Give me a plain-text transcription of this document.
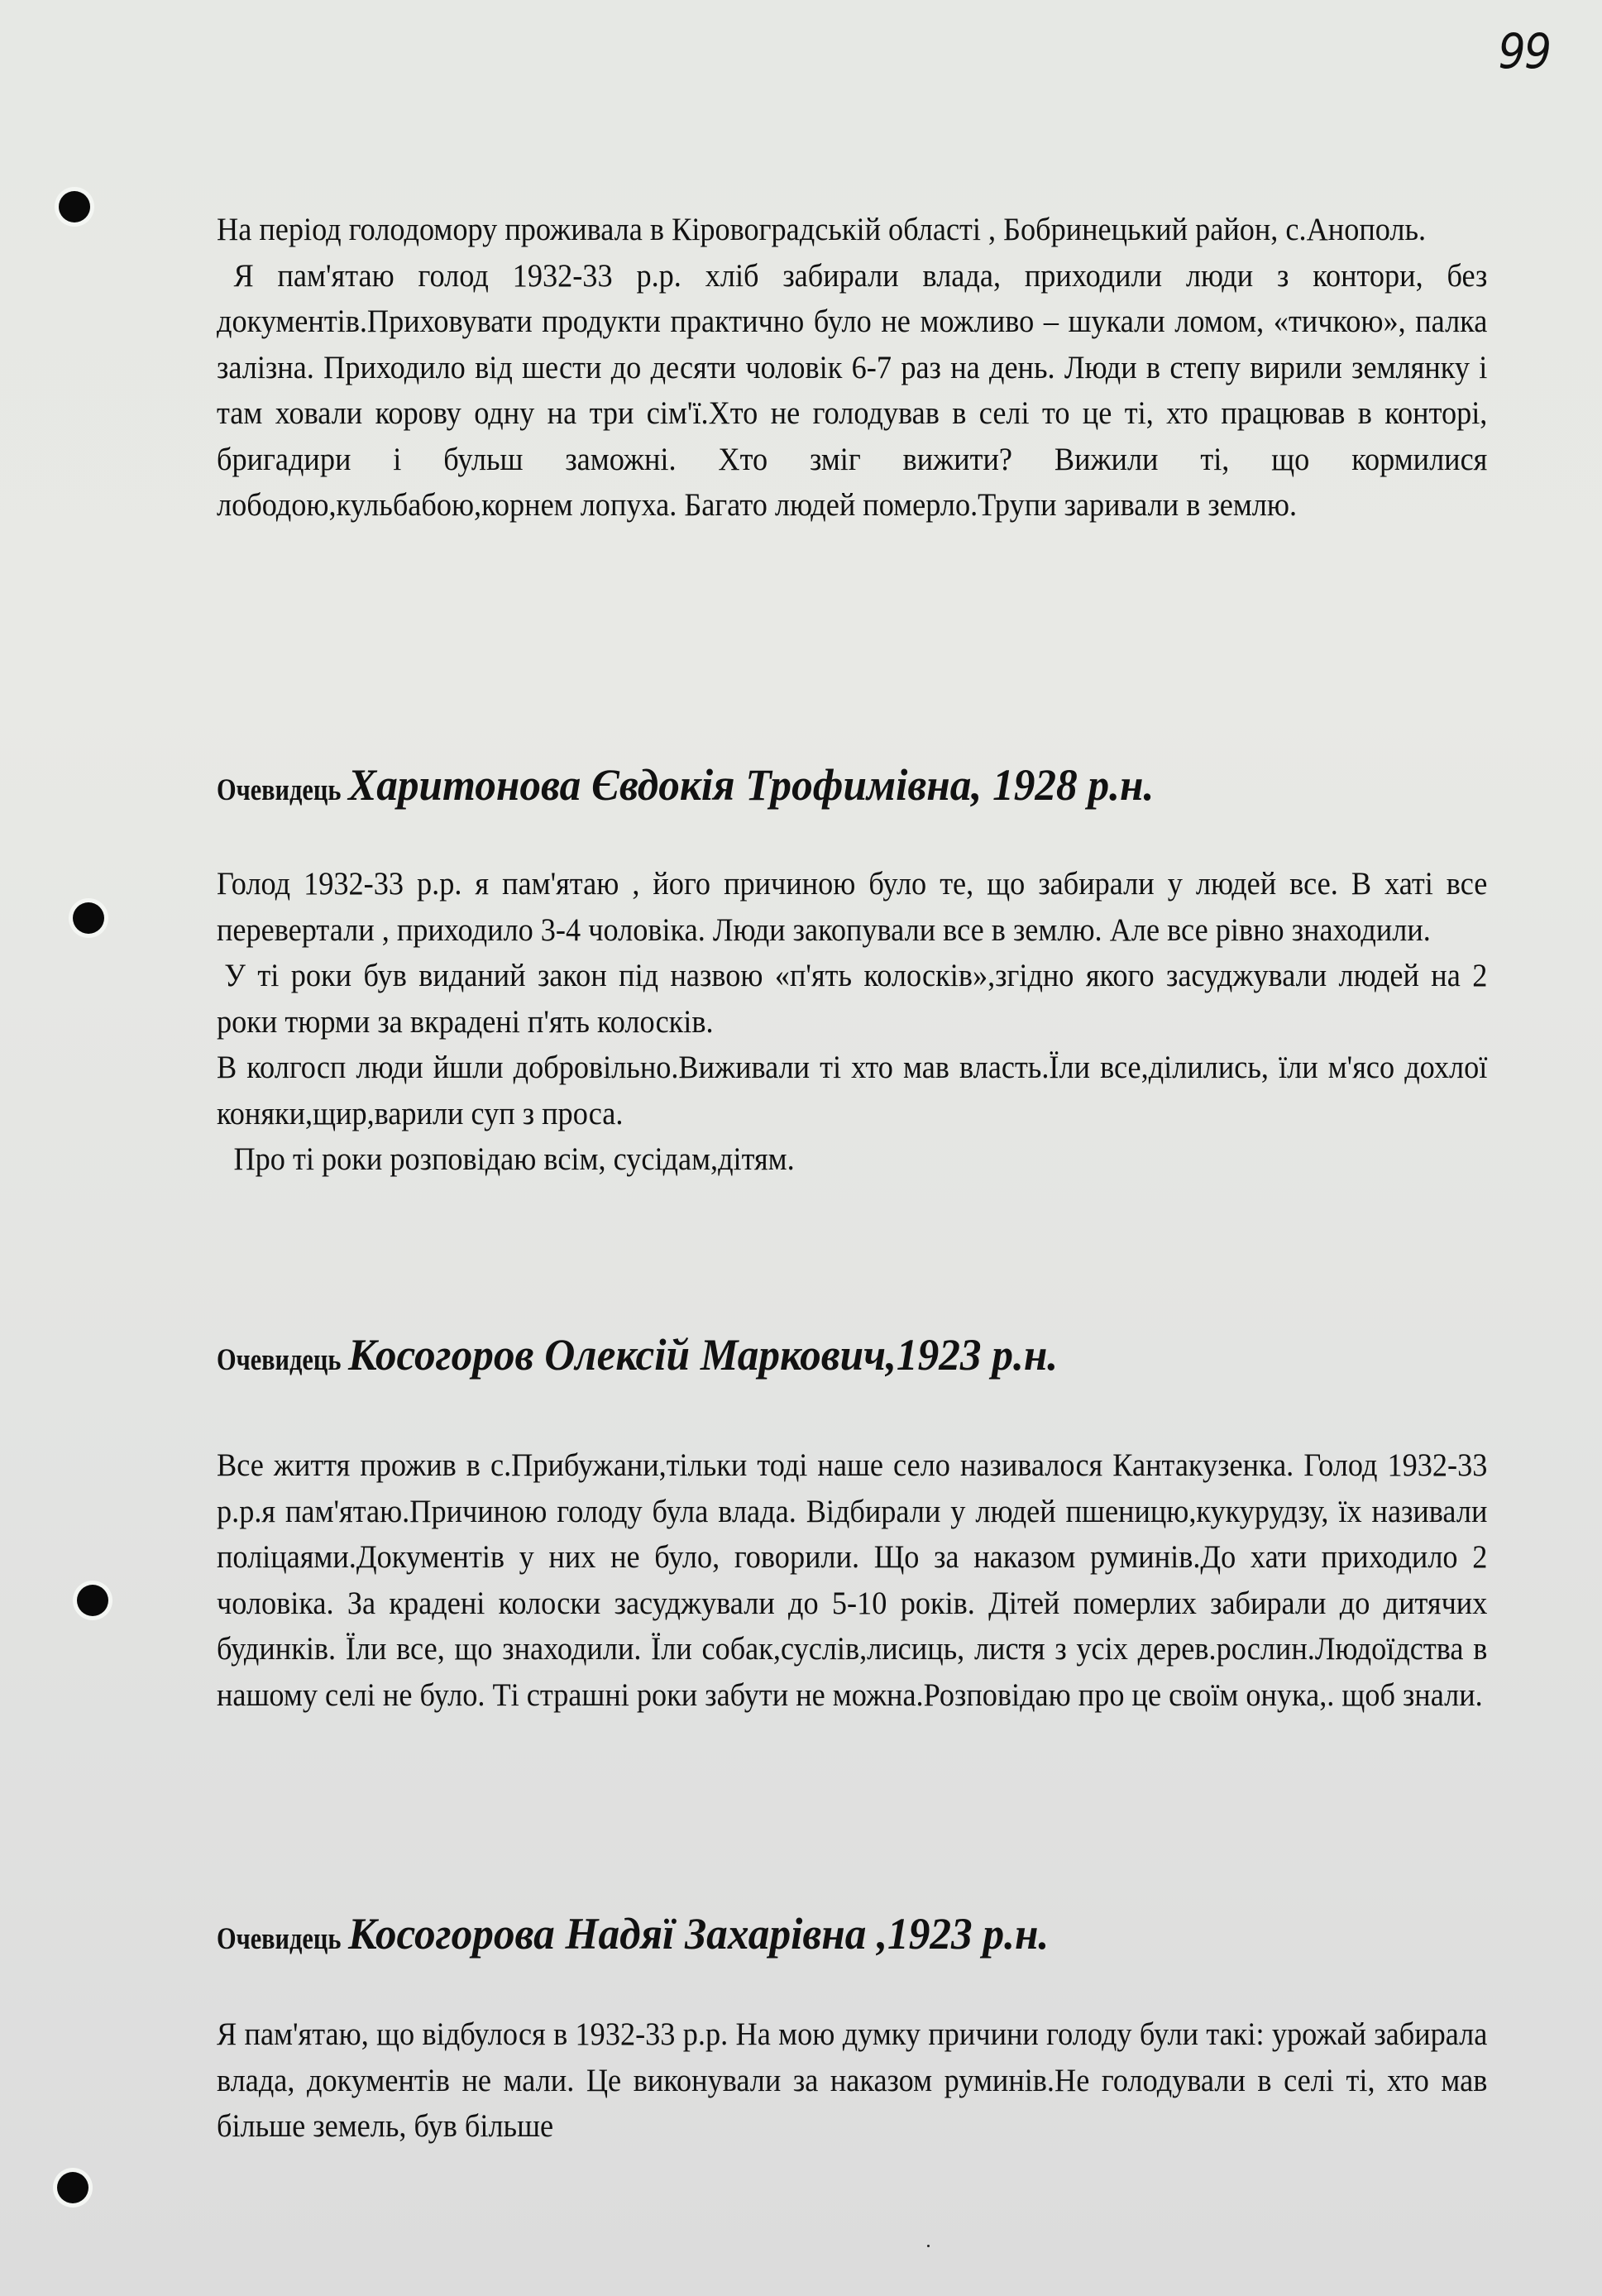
99

На період голодомору проживала в Кіровоградській області , Бобринецький район, с.Анополь.

Я пам'ятаю голод 1932-33 р.р. хліб забирали влада, приходили люди з контори, без документів.Приховувати продукти практично було не можливо – шукали ломом, «тичкою», палка залізна. Приходило від шести до десяти чоловік 6-7 раз на день. Люди в степу вирили землянку і там ховали корову одну на три сім'ї.Хто не голодував в селі то це ті, хто працював в конторі, бригадири і бульш заможні. Хто зміг вижити? Вижили ті, що кормилися лободою,кульбабою,корнем лопуха. Багато людей померло.Трупи заривали в землю.

Очевидець Харитонова Євдокія Трофимівна, 1928 р.н.

Голод 1932-33 р.р. я пам'ятаю , його причиною було те, що забирали у людей все. В хаті все перевертали , приходило 3-4 чоловіка. Люди закопували все в землю. Але все рівно знаходили.

У ті роки був виданий закон під назвою «п'ять колосків»,згідно якого засуджували людей на 2 роки тюрми за вкрадені п'ять колосків.

В колгосп люди йшли добровільно.Виживали ті хто мав власть.Їли все,ділились, їли м'ясо дохлої коняки,щир,варили суп з проса.

Про ті роки розповідаю всім, сусідам,дітям.

Очевидець Косогоров Олексій Маркович,1923 р.н.

Все життя прожив в с.Прибужани,тільки тоді наше село називалося Кантакузенка. Голод 1932-33 р.р.я пам'ятаю.Причиною голоду була влада. Відбирали у людей пшеницю,кукурудзу, їх називали поліцаями.Документів у них не було, говорили. Що за наказом руминів.До хати приходило 2 чоловіка. За крадені колоски засуджували до 5-10 років. Дітей померлих забирали до дитячих будинків. Їли все, що знаходили. Їли собак,суслів,лисиць, листя з усіх дерев.рослин.Людоїдства в нашому селі не було. Ті страшні роки забути не можна.Розповідаю про це своїм онука,. щоб знали.

Очевидець Косогорова Надяї Захарівна ,1923 р.н.

Я пам'ятаю, що відбулося в 1932-33 р.р. На мою думку причини голоду були такі: урожай забирала влада, документів не мали. Це виконували за наказом руминів.Не голодували в селі ті, хто мав більше земель, був більше
